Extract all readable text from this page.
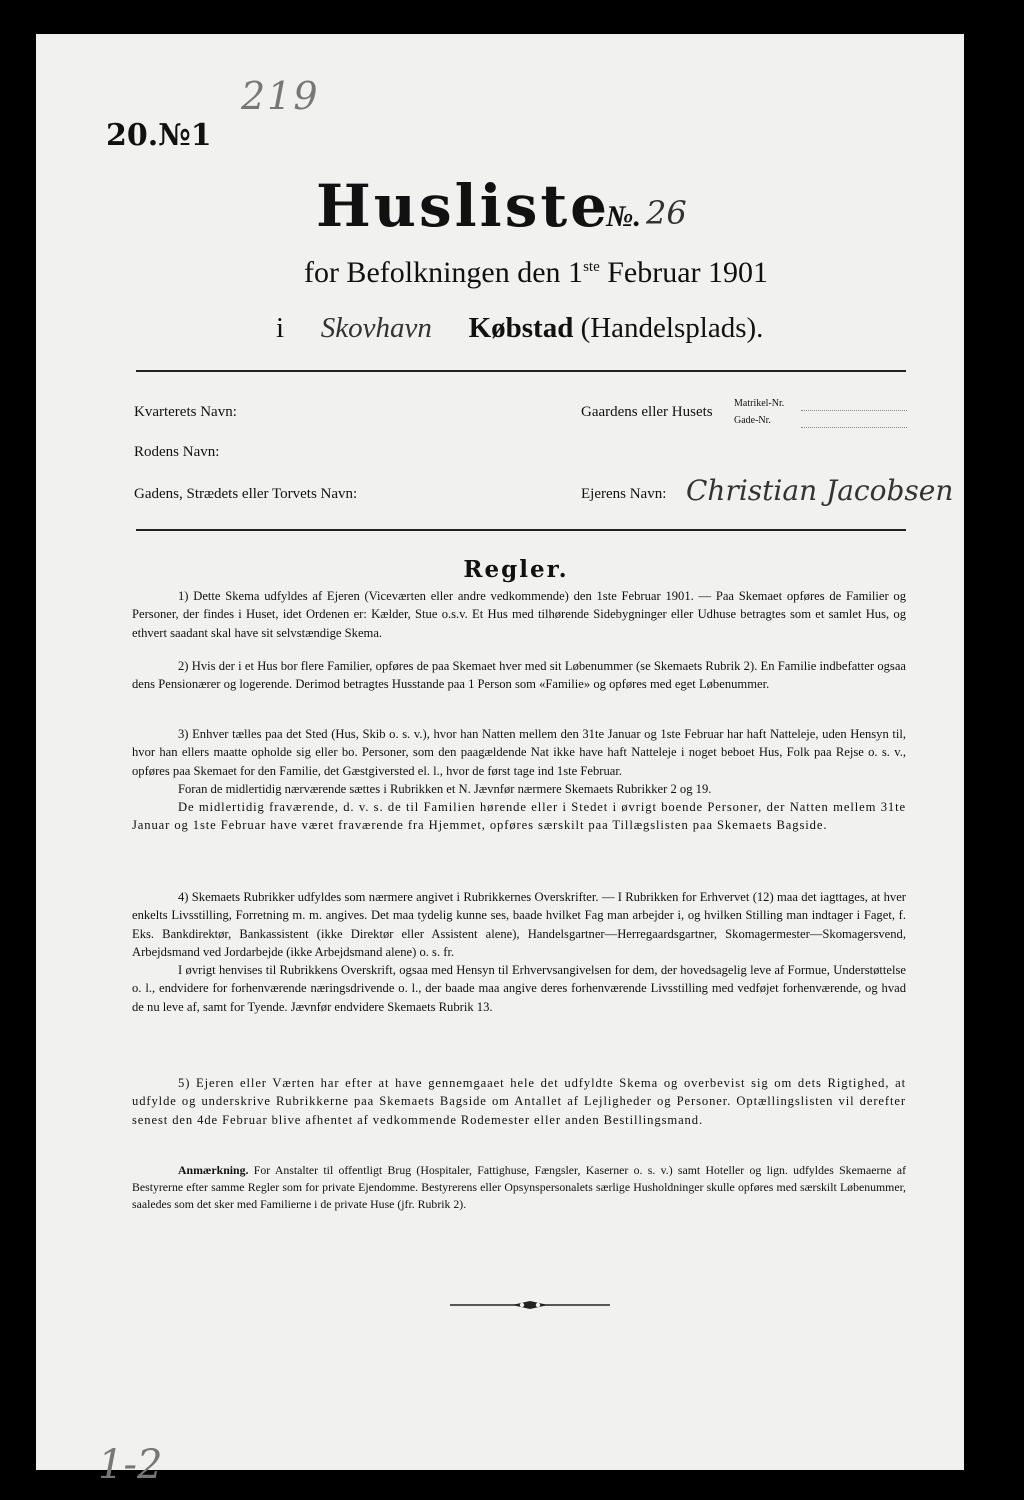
219
20.№1
Husliste
№. 26
for Befolkningen den 1ste Februar 1901
i Skovhavn Købstad (Handelsplads).
Kvarterets Navn:
Rodens Navn:
Gadens, Strædets eller Torvets Navn:
Gaardens eller Husets
Matrikel-Nr.
Gade-Nr.
Ejerens Navn: Christian Jacobsen
Regler.

1) Dette Skema udfyldes af Ejeren (Viceværten eller andre vedkommende) den 1ste Februar 1901. — Paa Skemaet opføres de Familier og Personer, der findes i Huset, idet Ordenen er: Kælder, Stue o.s.v. Et Hus med tilhørende Sidebygninger eller Udhuse betragtes som et samlet Hus, og ethvert saadant skal have sit selvstændige Skema.

2) Hvis der i et Hus bor flere Familier, opføres de paa Skemaet hver med sit Løbenummer (se Skemaets Rubrik 2). En Familie indbefatter ogsaa dens Pensionærer og logerende. Derimod betragtes Husstande paa 1 Person som «Familie» og opføres med eget Løbenummer.

3) Enhver tælles paa det Sted (Hus, Skib o. s. v.), hvor han Natten mellem den 31te Januar og 1ste Februar har haft Natteleje, uden Hensyn til, hvor han ellers maatte opholde sig eller bo. Personer, som den paagældende Nat ikke have haft Natteleje i noget beboet Hus, Folk paa Rejse o. s. v., opføres paa Skemaet for den Familie, det Gæstgiversted el. l., hvor de først tage ind 1ste Februar.

Foran de midlertidig nærværende sættes i Rubrikken et N. Jævnfør nærmere Skemaets Rubrikker 2 og 19.

De midlertidig fraværende, d. v. s. de til Familien hørende eller i Stedet i øvrigt boende Personer, der Natten mellem 31te Januar og 1ste Februar have været fraværende fra Hjemmet, opføres særskilt paa Tillægslisten paa Skemaets Bagside.

4) Skemaets Rubrikker udfyldes som nærmere angivet i Rubrikkernes Overskrifter. — I Rubrikken for Erhvervet (12) maa det iagttages, at hver enkelts Livsstilling, Forretning m. m. angives. Det maa tydelig kunne ses, baade hvilket Fag man arbejder i, og hvilken Stilling man indtager i Faget, f. Eks. Bankdirektør, Bankassistent (ikke Direktør eller Assistent alene), Handelsgartner—Herregaardsgartner, Skomagermester—Skomagersvend, Arbejdsmand ved Jordarbejde (ikke Arbejdsmand alene) o. s. fr.

I øvrigt henvises til Rubrikkens Overskrift, ogsaa med Hensyn til Erhvervsangivelsen for dem, der hovedsagelig leve af Formue, Understøttelse o. l., endvidere for forhenværende næringsdrivende o. l., der baade maa angive deres forhenværende Livsstilling med vedføjet forhenværende, og hvad de nu leve af, samt for Tyende. Jævnfør endvidere Skemaets Rubrik 13.

5) Ejeren eller Værten har efter at have gennemgaaet hele det udfyldte Skema og overbevist sig om dets Rigtighed, at udfylde og underskrive Rubrikkerne paa Skemaets Bagside om Antallet af Lejligheder og Personer. Optællingslisten vil derefter senest den 4de Februar blive afhentet af vedkommende Rodemester eller anden Bestillingsmand.

Anmærkning. For Anstalter til offentligt Brug (Hospitaler, Fattighuse, Fængsler, Kaserner o. s. v.) samt Hoteller og lign. udfyldes Skemaerne af Bestyrerne efter samme Regler som for private Ejendomme. Bestyrerens eller Opsynspersonalets særlige Husholdninger skulle opføres med særskilt Løbenummer, saaledes som det sker med Familierne i de private Huse (jfr. Rubrik 2).

1-2
